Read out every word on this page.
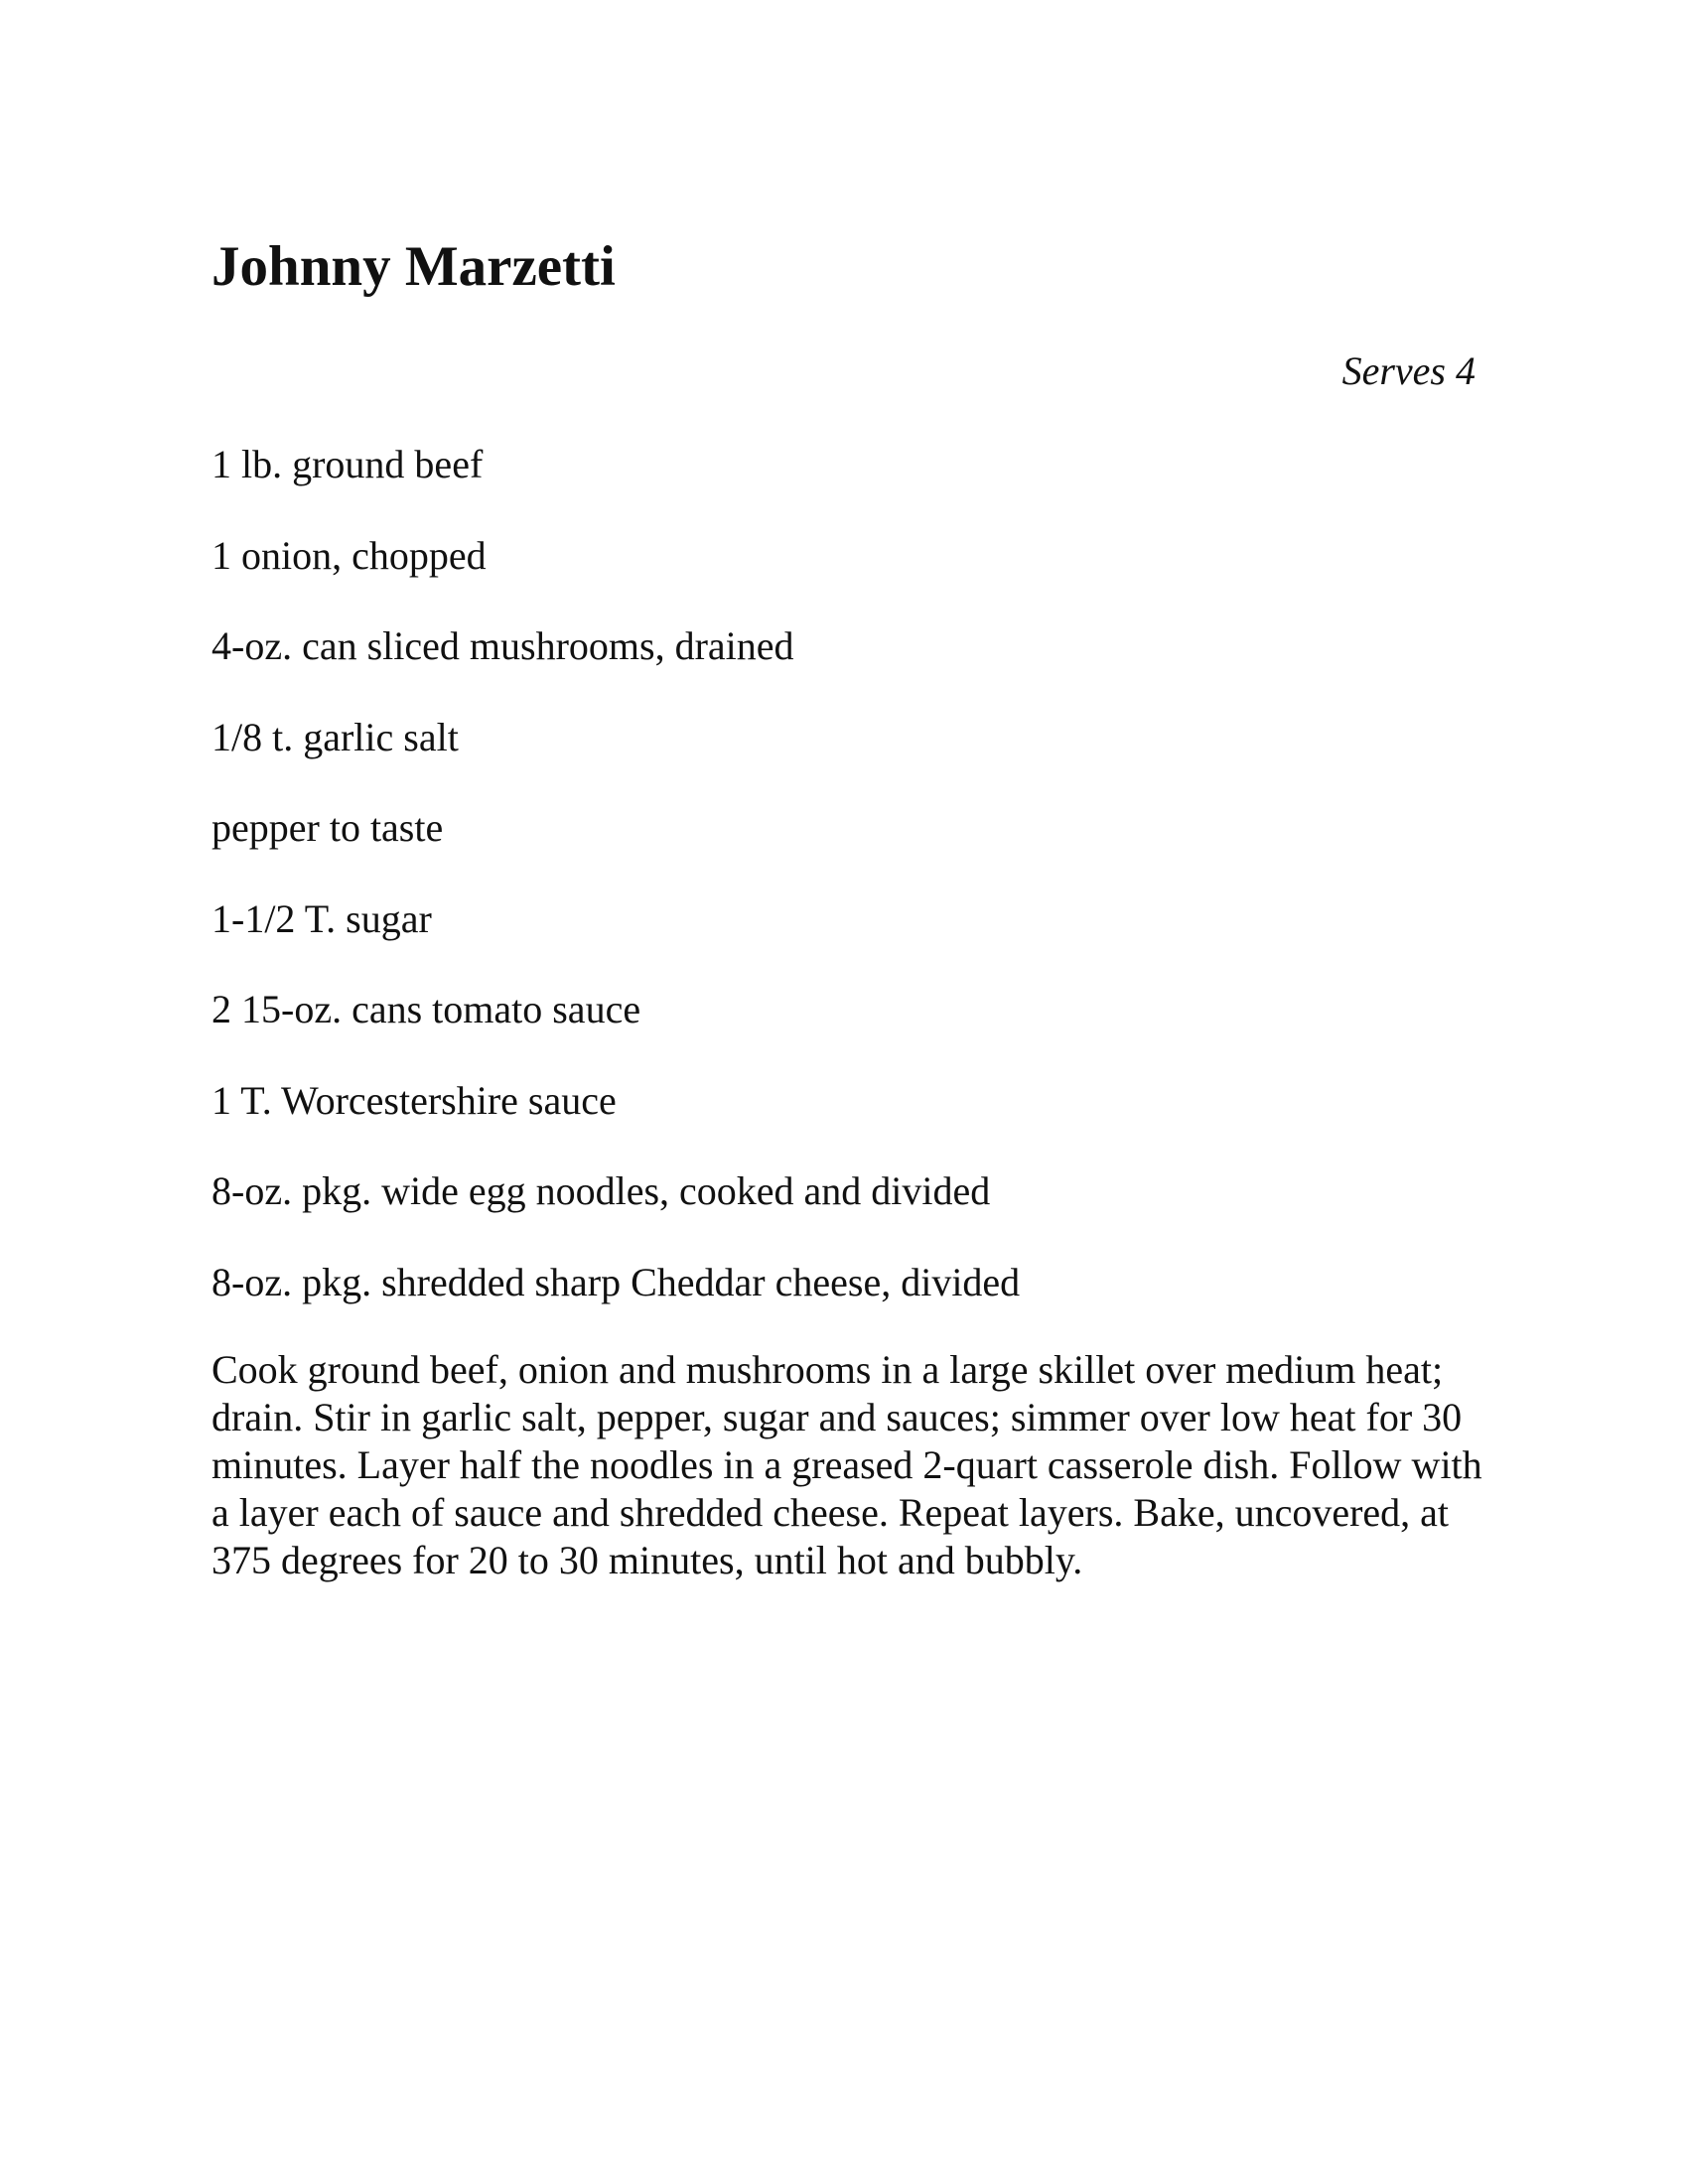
Johnny Marzetti
Serves 4
1 lb. ground beef
1 onion, chopped
4-oz. can sliced mushrooms, drained
1/8 t. garlic salt
pepper to taste
1-1/2 T. sugar
2 15-oz. cans tomato sauce
1 T. Worcestershire sauce
8-oz. pkg. wide egg noodles, cooked and divided
8-oz. pkg. shredded sharp Cheddar cheese, divided

Cook ground beef, onion and mushrooms in a large skillet over medium heat; drain. Stir in garlic salt, pepper, sugar and sauces; simmer over low heat for 30 minutes. Layer half the noodles in a greased 2-quart casserole dish. Follow with a layer each of sauce and shredded cheese. Repeat layers. Bake, uncovered, at 375 degrees for 20 to 30 minutes, until hot and bubbly.
